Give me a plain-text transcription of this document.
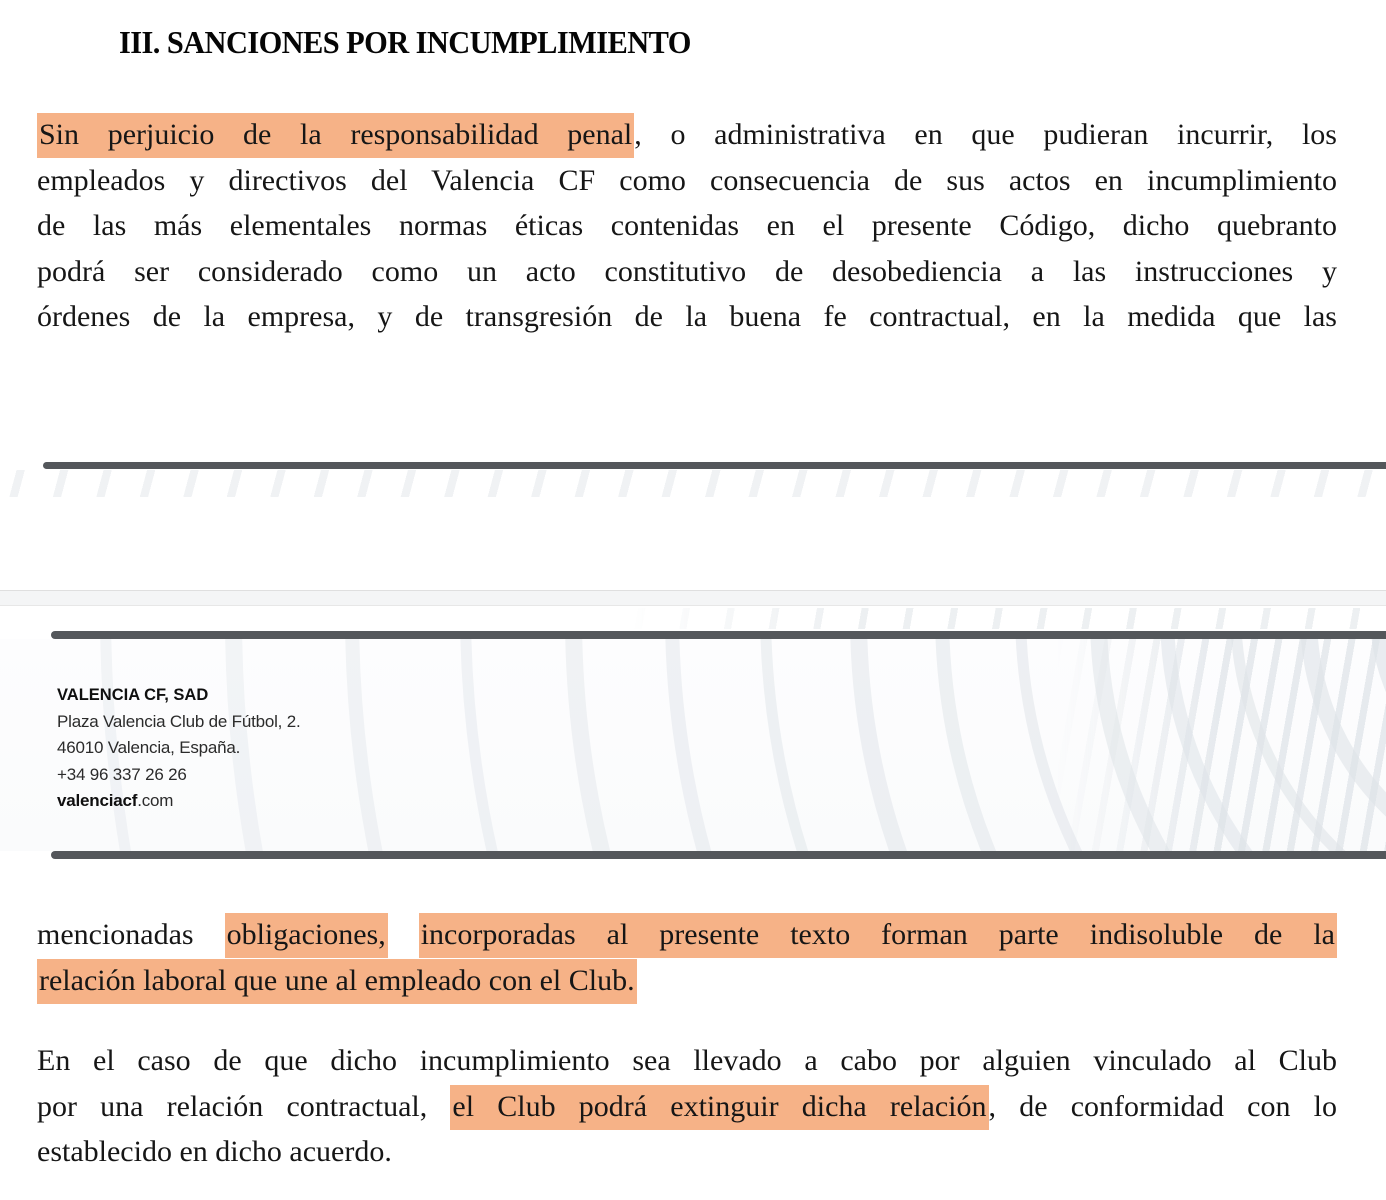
III. SANCIONES POR INCUMPLIMIENTO
Sin perjuicio de la responsabilidad penal, o administrativa en que pudieran incurrir, los
empleados y directivos del Valencia CF como consecuencia de sus actos en incumplimiento
de las más elementales normas éticas contenidas en el presente Código, dicho quebranto
podrá ser considerado como un acto constitutivo de desobediencia a las instrucciones y
órdenes de la empresa, y de transgresión de la buena fe contractual, en la medida que las
VALENCIA CF, SAD
Plaza Valencia Club de Fútbol, 2.
46010 Valencia, España.
+34 96 337 26 26
valenciacf.com
mencionadas obligaciones, incorporadas al presente texto forman parte indisoluble de la
relación laboral que une al empleado con el Club.
En el caso de que dicho incumplimiento sea llevado a cabo por alguien vinculado al Club
por una relación contractual, el Club podrá extinguir dicha relación, de conformidad con lo
establecido en dicho acuerdo.
